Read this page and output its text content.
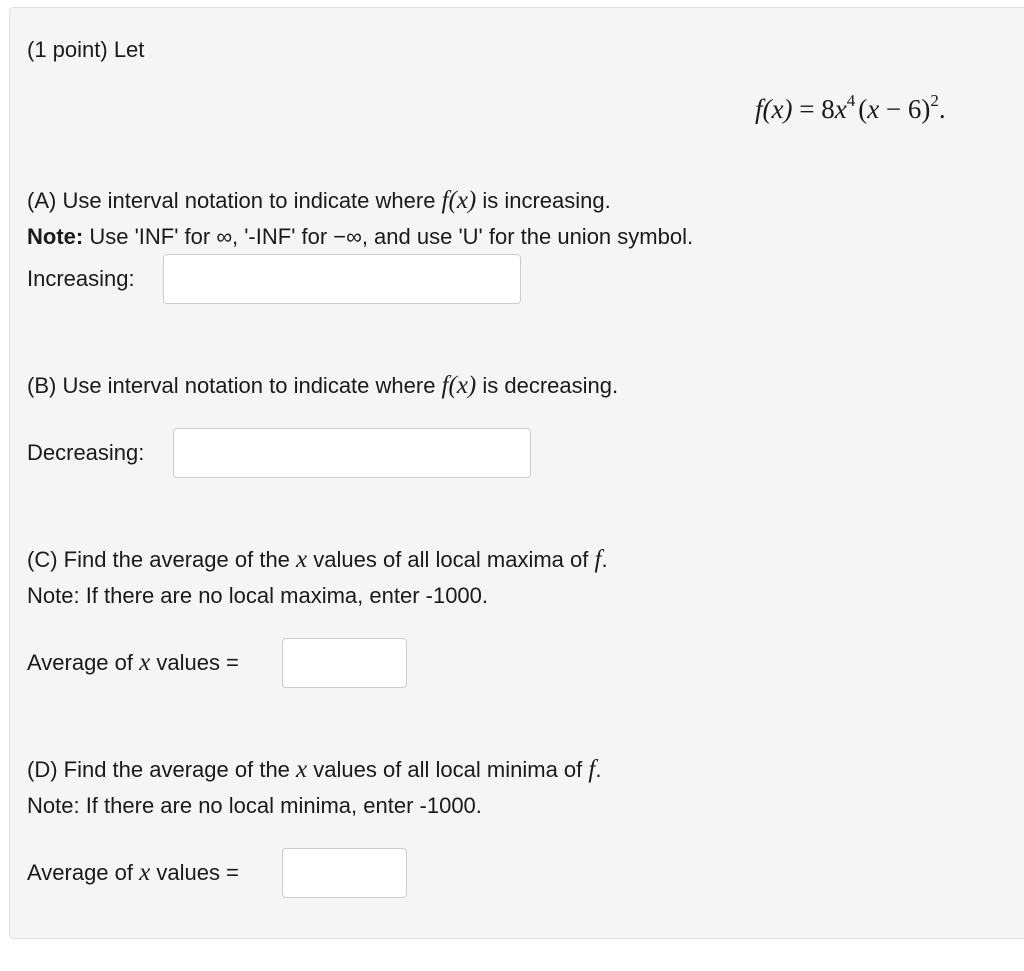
(1 point) Let
$f(x) = 8x^4$ $(x - 6)^2$.
(A) Use interval notation to indicate where f(x) is increasing.
Note: Use 'INF' for ∞, '-INF' for −∞, and use 'U' for the union symbol.
Increasing:
(B) Use interval notation to indicate where f(x) is decreasing.
Decreasing:
(C) Find the average of the x values of all local maxima of f.
Note: If there are no local maxima, enter -1000.
Average of x values =
(D) Find the average of the x values of all local minima of f.
Note: If there are no local minima, enter -1000.
Average of x values =
